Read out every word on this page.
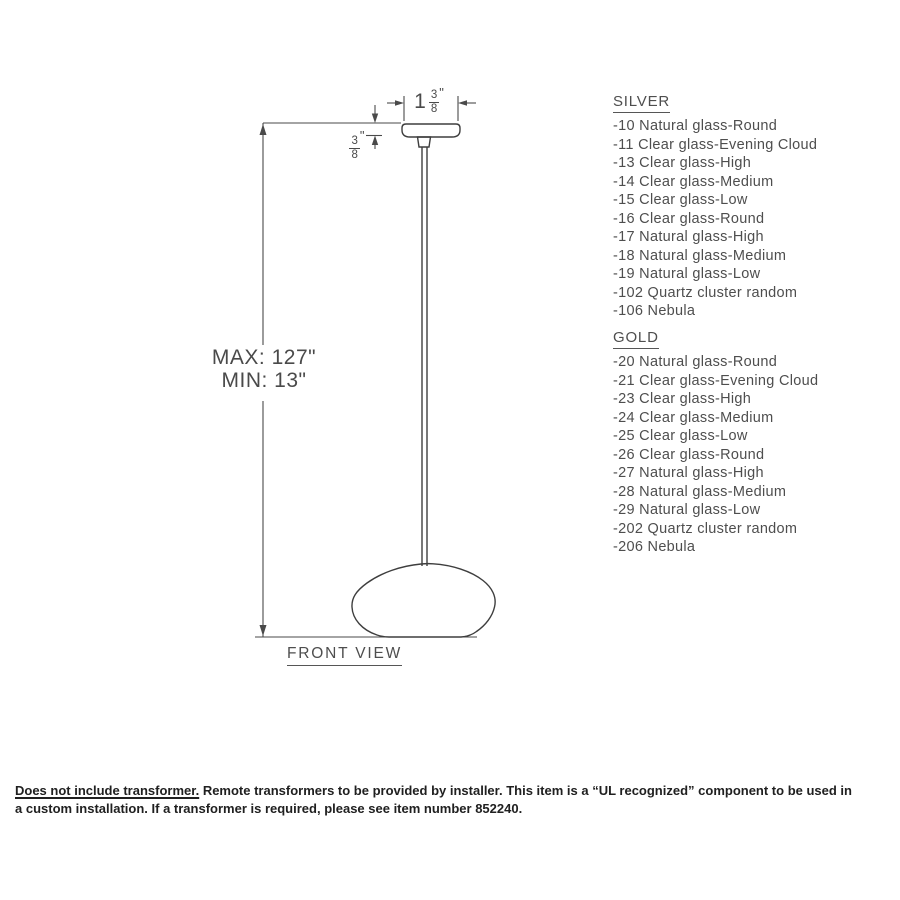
$1 \frac{3}{8}$ "
$\frac{3}{8}$ "
MAX: 127"
MIN: 13"
FRONT VIEW
SILVER
-10 Natural glass-Round
-11 Clear glass-Evening Cloud
-13 Clear glass-High
-14 Clear glass-Medium
-15 Clear glass-Low
-16 Clear glass-Round
-17 Natural glass-High
-18 Natural glass-Medium
-19 Natural glass-Low
-102 Quartz cluster random
-106 Nebula
GOLD
-20 Natural glass-Round
-21 Clear glass-Evening Cloud
-23 Clear glass-High
-24 Clear glass-Medium
-25 Clear glass-Low
-26 Clear glass-Round
-27 Natural glass-High
-28 Natural glass-Medium
-29 Natural glass-Low
-202 Quartz cluster random
-206 Nebula
Does not include transformer. Remote transformers to be provided by installer. This item is a “UL recognized” component to be used in
a custom installation. If a transformer is required, please see item number 852240.
